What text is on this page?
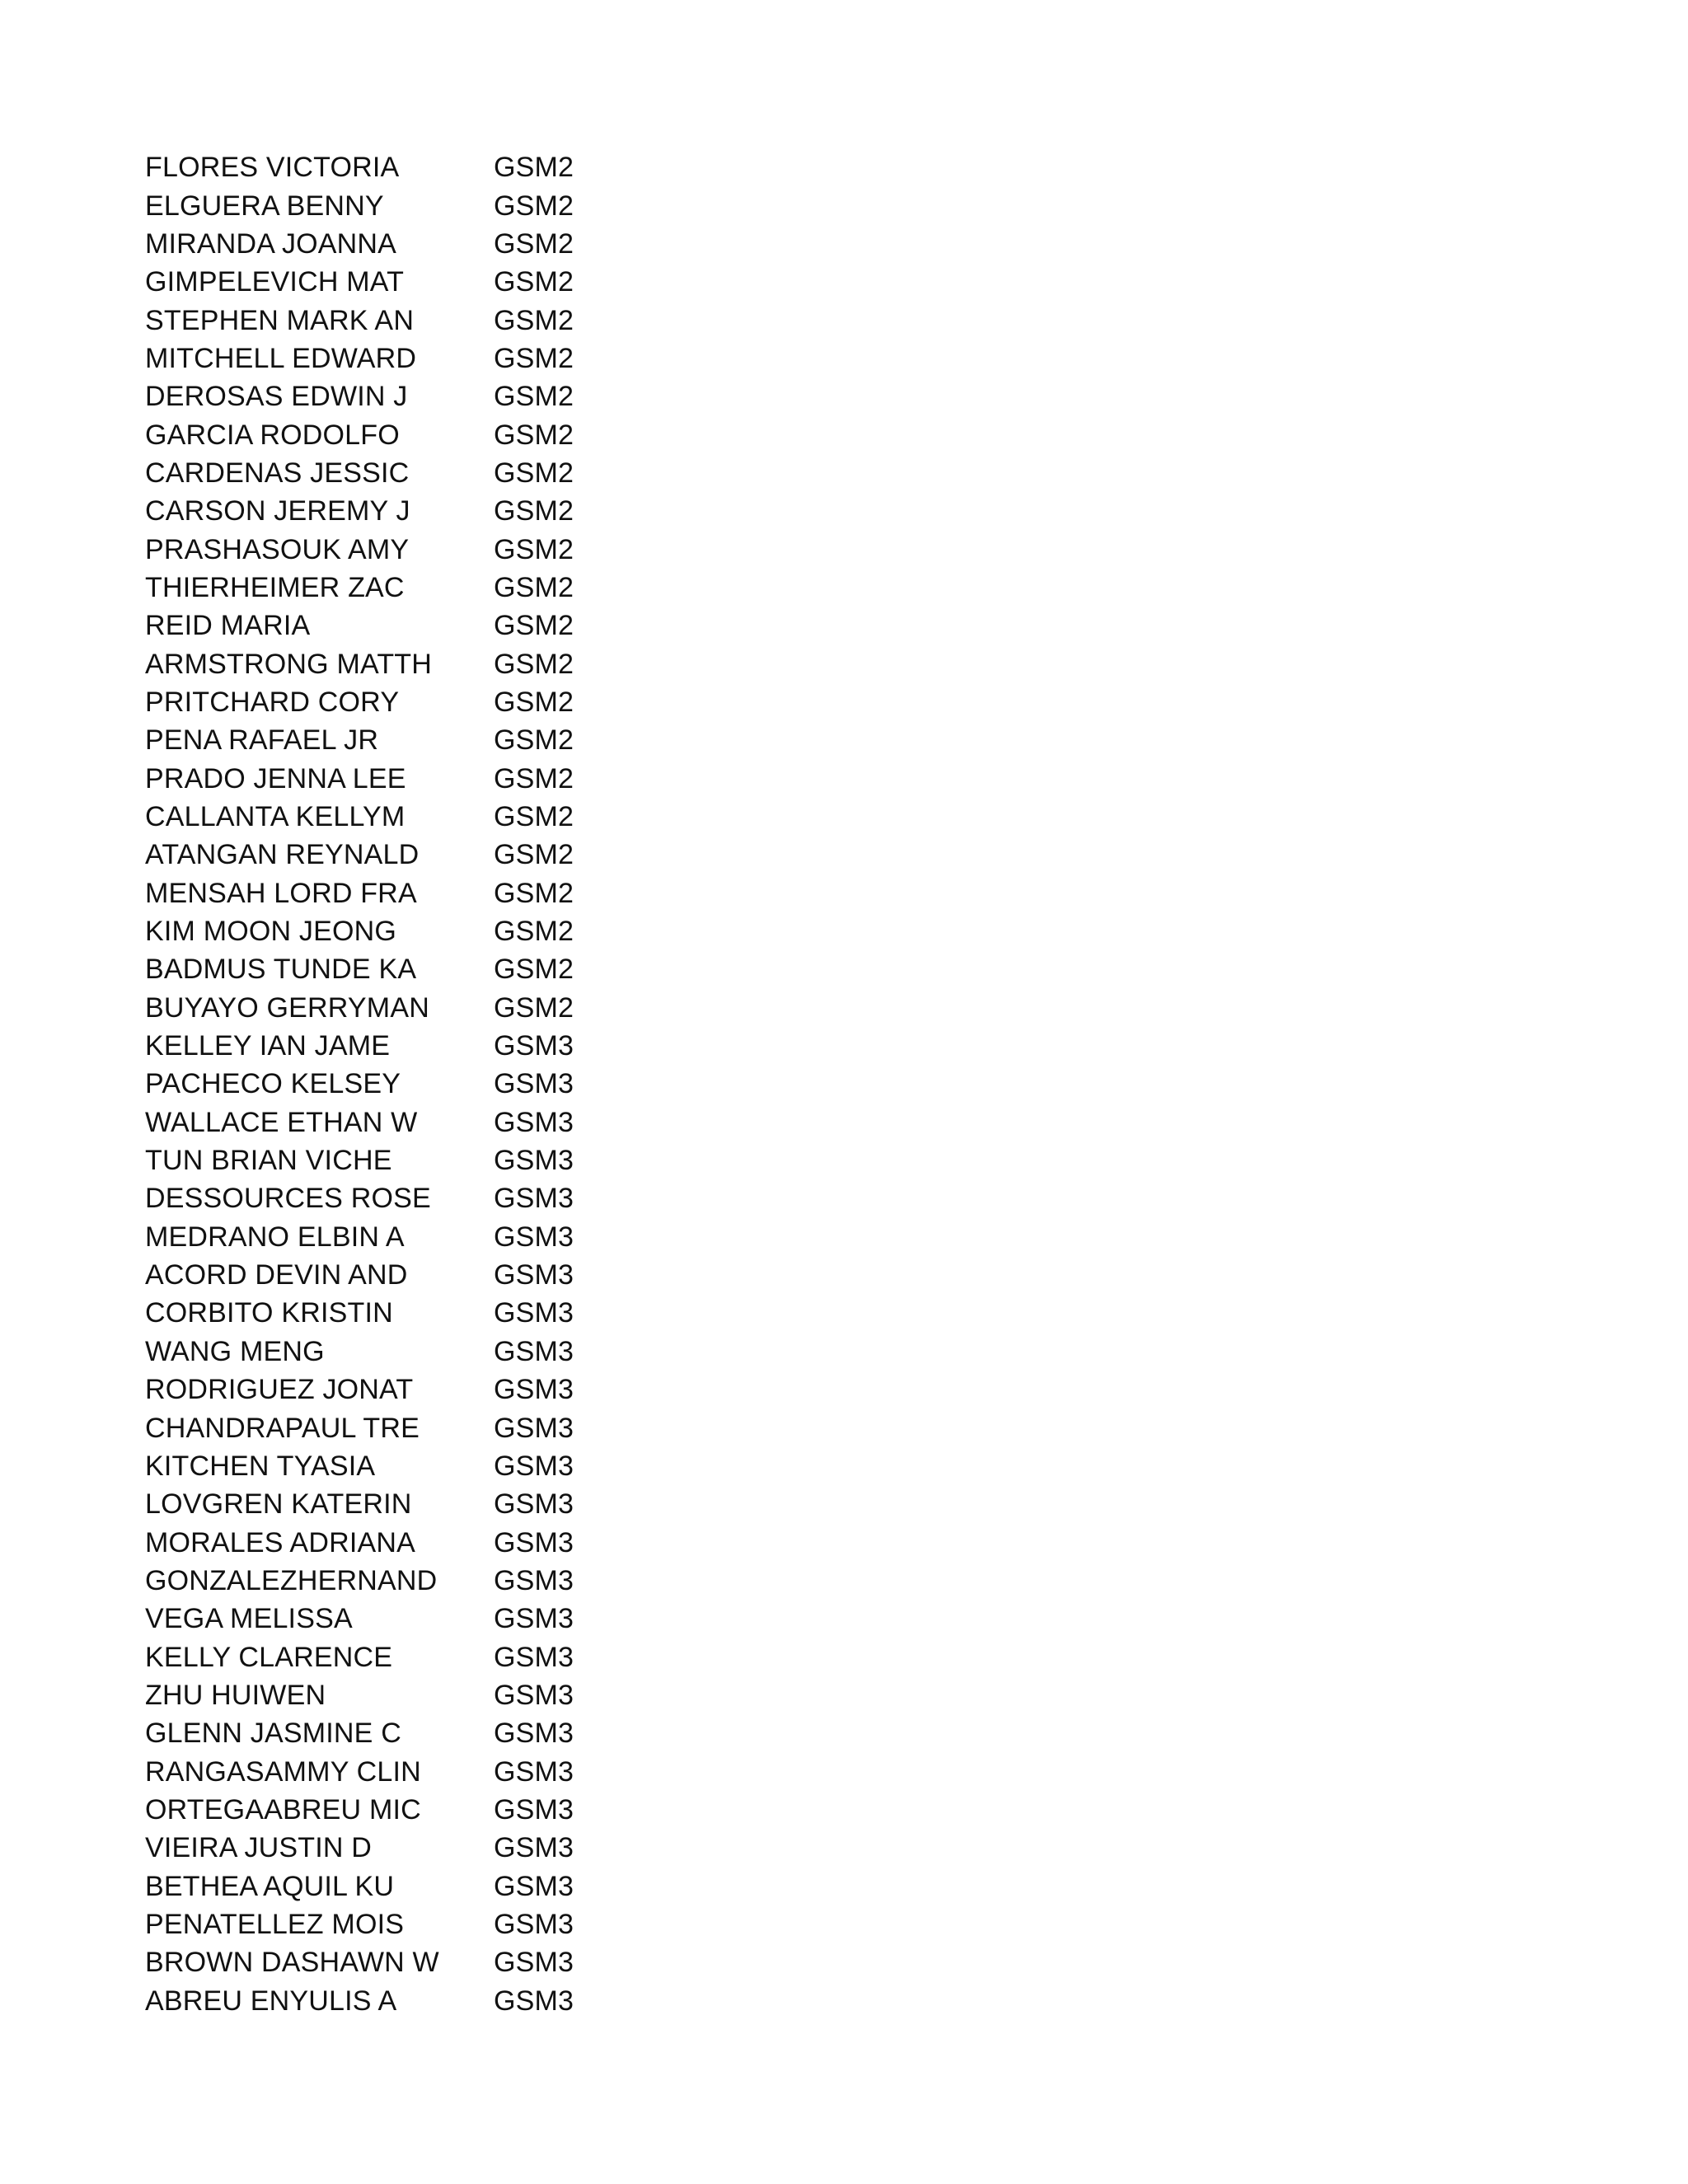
FLORES VICTORIA	GSM2
ELGUERA BENNY	GSM2
MIRANDA JOANNA	GSM2
GIMPELEVICH MAT	GSM2
STEPHEN MARK AN	GSM2
MITCHELL EDWARD	GSM2
DEROSAS EDWIN J	GSM2
GARCIA RODOLFO	GSM2
CARDENAS JESSIC	GSM2
CARSON JEREMY J	GSM2
PRASHASOUK AMY	GSM2
THIERHEIMER ZAC	GSM2
REID MARIA	GSM2
ARMSTRONG MATTH	GSM2
PRITCHARD CORY	GSM2
PENA RAFAEL JR	GSM2
PRADO JENNA LEE	GSM2
CALLANTA KELLYM	GSM2
ATANGAN REYNALD	GSM2
MENSAH LORD FRA	GSM2
KIM MOON JEONG	GSM2
BADMUS TUNDE KA	GSM2
BUYAYO GERRYMAN	GSM2
KELLEY IAN JAME	GSM3
PACHECO KELSEY	GSM3
WALLACE ETHAN W	GSM3
TUN BRIAN VICHE	GSM3
DESSOURCES ROSE	GSM3
MEDRANO ELBIN A	GSM3
ACORD DEVIN AND	GSM3
CORBITO KRISTIN	GSM3
WANG MENG	GSM3
RODRIGUEZ JONAT	GSM3
CHANDRAPAUL TRE	GSM3
KITCHEN TYASIA	GSM3
LOVGREN KATERIN	GSM3
MORALES ADRIANA	GSM3
GONZALEZHERNAND	GSM3
VEGA MELISSA	GSM3
KELLY CLARENCE	GSM3
ZHU HUIWEN	GSM3
GLENN JASMINE C	GSM3
RANGASAMMY CLIN	GSM3
ORTEGAABREU MIC	GSM3
VIEIRA JUSTIN D	GSM3
BETHEA AQUIL KU	GSM3
PENATELLEZ MOIS	GSM3
BROWN DASHAWN W	GSM3
ABREU ENYULIS A	GSM3
